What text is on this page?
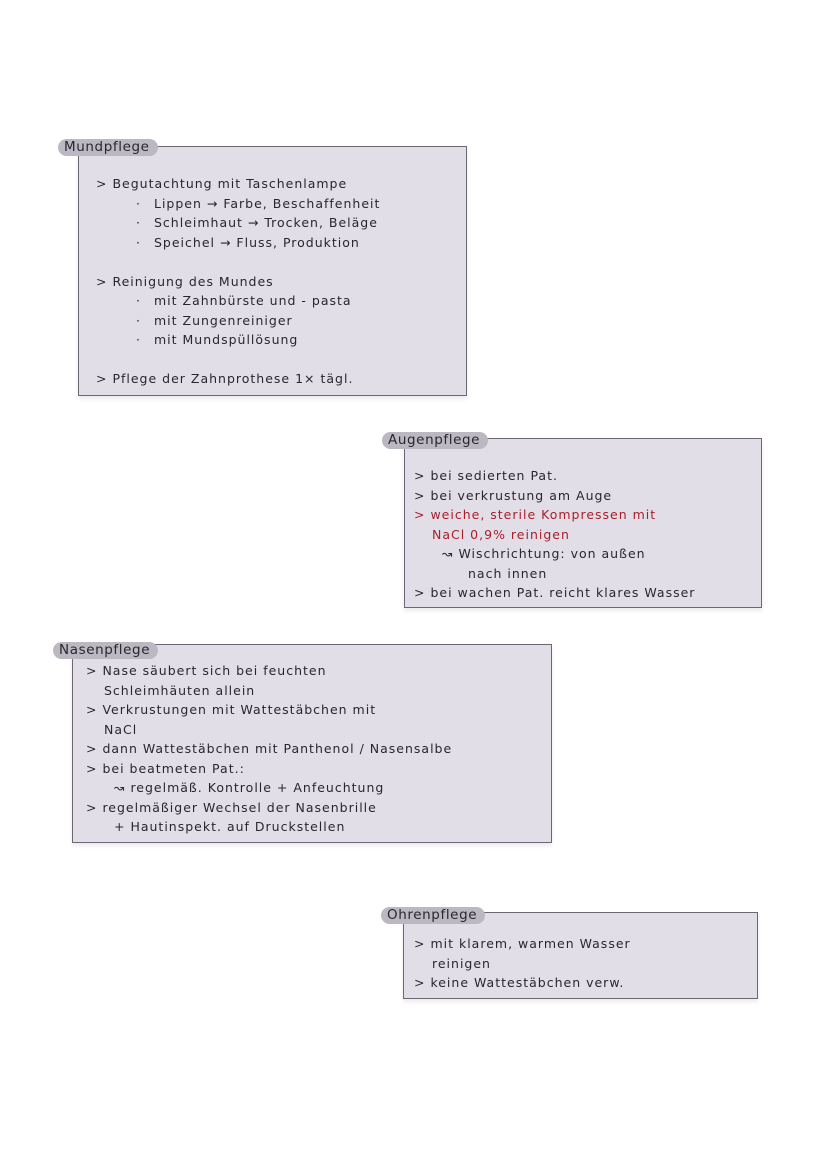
> Begutachtung mit Taschenlampe
· Lippen → Farbe, Beschaffenheit
· Schleimhaut → Trocken, Beläge
· Speichel → Fluss, Produktion
> Reinigung des Mundes
· mit Zahnbürste und - pasta
· mit Zungenreiniger
· mit Mundspüllösung
> Pflege der Zahnprothese 1× tägl.
Mundpflege
> bei sedierten Pat.
> bei verkrustung am Auge
> weiche, sterile Kompressen mit
NaCl 0,9% reinigen
↝ Wischrichtung: von außen
nach innen
> bei wachen Pat. reicht klares Wasser
Augenpflege
> Nase säubert sich bei feuchten
Schleimhäuten allein
> Verkrustungen mit Wattestäbchen mit
NaCl
> dann Wattestäbchen mit Panthenol / Nasensalbe
> bei beatmeten Pat.:
↝ regelmäß. Kontrolle + Anfeuchtung
> regelmäßiger Wechsel der Nasenbrille
+ Hautinspekt. auf Druckstellen
Nasenpflege
> mit klarem, warmen Wasser
reinigen
> keine Wattestäbchen verw.
Ohrenpflege
